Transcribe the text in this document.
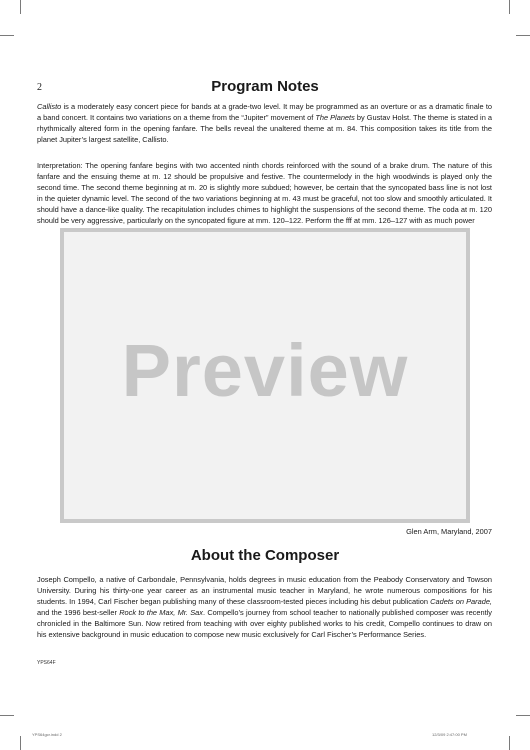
2	Program Notes

Callisto is a moderately easy concert piece for bands at a grade-two level. It may be programmed as an overture or as a dramatic finale to a band concert. It contains two variations on a theme from the “Jupiter” movement of The Planets by Gustav Holst. The theme is stated in a rhythmically altered form in the opening fanfare. The bells reveal the unaltered theme at m. 84. This composition takes its title from the planet Jupiter’s largest satellite, Callisto.

Interpretation: The opening fanfare begins with two accented ninth chords reinforced with the sound of a brake drum. The nature of this fanfare and the ensuing theme at m. 12 should be propulsive and festive. The countermelody in the high woodwinds is played only the second time. The second theme beginning at m. 20 is slightly more subdued; however, be certain that the syncopated bass line is not lost in the quieter dynamic level. The second of the two variations beginning at m. 43 must be graceful, not too slow and smoothly articulated. It should have a dance-like quality. The recapitulation includes chimes to highlight the suspensions of the second theme. The coda at m. 120 should be very aggressive, particularly on the syncopated figure at mm. 120–122. Perform the fff at mm. 126–127 with as much power

Preview
Glen Arm, Maryland, 2007
About the Composer

Joseph Compello, a native of Carbondale, Pennsylvania, holds degrees in music education from the Peabody Conservatory and Towson University. During his thirty-one year career as an instrumental music teacher in Maryland, he wrote numerous compositions for his students. In 1994, Carl Fischer began publishing many of these classroom-tested pieces including his debut publication Cadets on Parade, and the 1996 best-seller Rock to the Max, Mr. Sax. Compello’s journey from school teacher to nationally published composer was recently chronicled in the Baltimore Sun. Now retired from teaching with over eighty published works to his credit, Compello continues to draw on his extensive background in music education to compose new music exclusively for Carl Fischer’s Performance Series.

YPS64F
YPS64gcr.indd 2	12/3/09 2:47:00 PM
